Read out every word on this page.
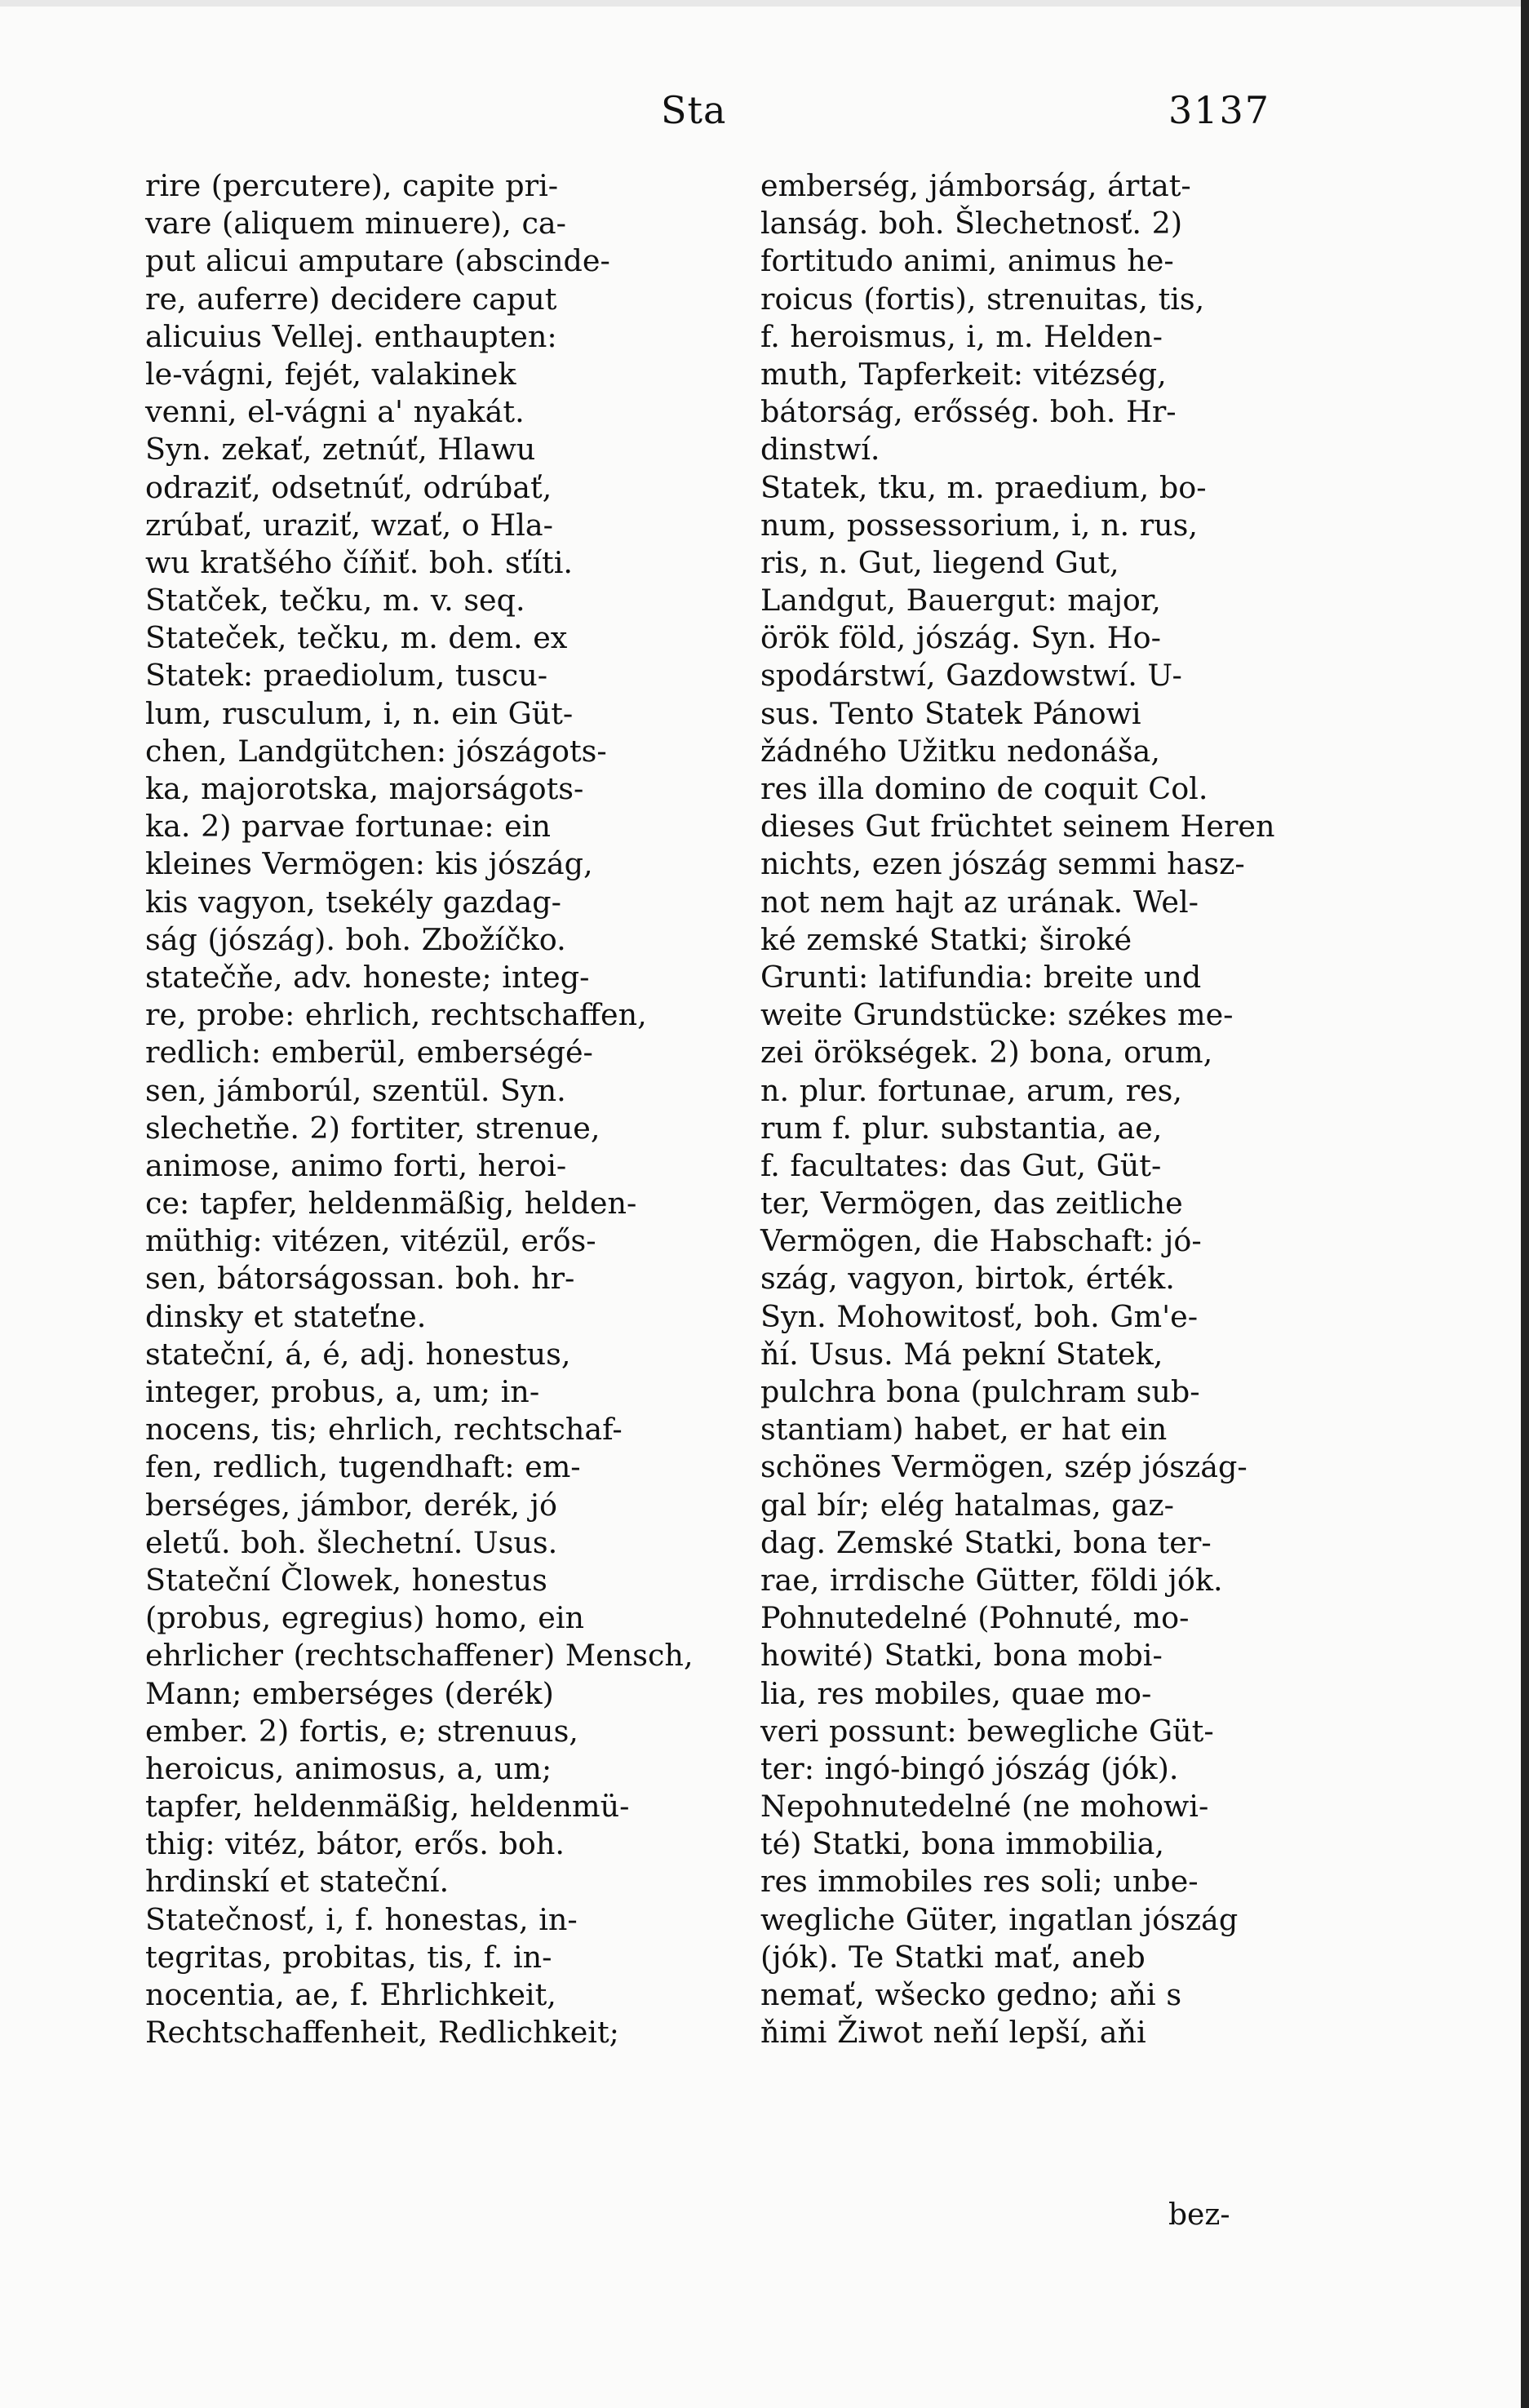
Sta	3137
rire (percutere), capite pri-
vare (aliquem minuere), ca-
put alicui amputare (abscinde-
re, auferre) decidere caput
alicuius Vellej. enthaupten:
le-vágni, fejét, valakinek
venni, el-vágni a' nyakát.
Syn. zekať, zetnúť, Hlawu
odraziť, odsetnúť, odrúbať,
zrúbať, uraziť, wzať, o Hla-
wu kratšého číňiť. boh. sťíti.
Statček, tečku, m. v. seq.
Stateček, tečku, m. dem. ex
Statek: praediolum, tuscu-
lum, rusculum, i, n. ein Güt-
chen, Landgütchen: jószágots-
ka, majorotska, majorságots-
ka. 2) parvae fortunae: ein
kleines Vermögen: kis jószág,
kis vagyon, tsekély gazdag-
ság (jószág). boh. Zbožíčko.
statečňe, adv. honeste; integ-
re, probe: ehrlich, rechtschaffen,
redlich: emberül, emberségé-
sen, jámborúl, szentül. Syn.
slechetňe. 2) fortiter, strenue,
animose, animo forti, heroi-
ce: tapfer, heldenmäßig, helden-
müthig: vitézen, vitézül, erős-
sen, bátorságossan. boh. hr-
dinsky et stateťne.
stateční, á, é, adj. honestus,
integer, probus, a, um; in-
nocens, tis; ehrlich, rechtschaf-
fen, redlich, tugendhaft: em-
berséges, jámbor, derék, jó
eletű. boh. šlechetní. Usus.
Stateční Člowek, honestus
(probus, egregius) homo, ein
ehrlicher (rechtschaffener) Mensch,
Mann; emberséges (derék)
ember. 2) fortis, e; strenuus,
heroicus, animosus, a, um;
tapfer, heldenmäßig, heldenmü-
thig: vitéz, bátor, erős. boh.
hrdinskí et stateční.
Statečnosť, i, f. honestas, in-
tegritas, probitas, tis, f. in-
nocentia, ae, f. Ehrlichkeit,
Rechtschaffenheit, Redlichkeit;
emberség, jámborság, ártat-
lanság. boh. Šlechetnosť. 2)
fortitudo animi, animus he-
roicus (fortis), strenuitas, tis,
f. heroismus, i, m. Helden-
muth, Tapferkeit: vitézség,
bátorság, erősség. boh. Hr-
dinstwí.
Statek, tku, m. praedium, bo-
num, possessorium, i, n. rus,
ris, n. Gut, liegend Gut,
Landgut, Bauergut: major,
örök föld, jószág. Syn. Ho-
spodárstwí, Gazdowstwí. U-
sus. Tento Statek Pánowi
žádného Užitku nedonáša,
res illa domino de coquit Col.
dieses Gut früchtet seinem Heren
nichts, ezen jószág semmi hasz-
not nem hajt az urának. Wel-
ké zemské Statki; široké
Grunti: latifundia: breite und
weite Grundstücke: székes me-
zei örökségek. 2) bona, orum,
n. plur. fortunae, arum, res,
rum f. plur. substantia, ae,
f. facultates: das Gut, Güt-
ter, Vermögen, das zeitliche
Vermögen, die Habschaft: jó-
szág, vagyon, birtok, érték.
Syn. Mohowitosť, boh. Gm'e-
ňí. Usus. Má pekní Statek,
pulchra bona (pulchram sub-
stantiam) habet, er hat ein
schönes Vermögen, szép jószág-
gal bír; elég hatalmas, gaz-
dag. Zemské Statki, bona ter-
rae, irrdische Gütter, földi jók.
Pohnutedelné (Pohnuté, mo-
howité) Statki, bona mobi-
lia, res mobiles, quae mo-
veri possunt: bewegliche Güt-
ter: ingó-bingó jószág (jók).
Nepohnutedelné (ne mohowi-
té) Statki, bona immobilia,
res immobiles res soli; unbe-
wegliche Güter, ingatlan jószág
(jók). Te Statki mať, aneb
nemať, wšecko gedno; aňi s
ňimi Žiwot neňí lepší, aňi
bez-
